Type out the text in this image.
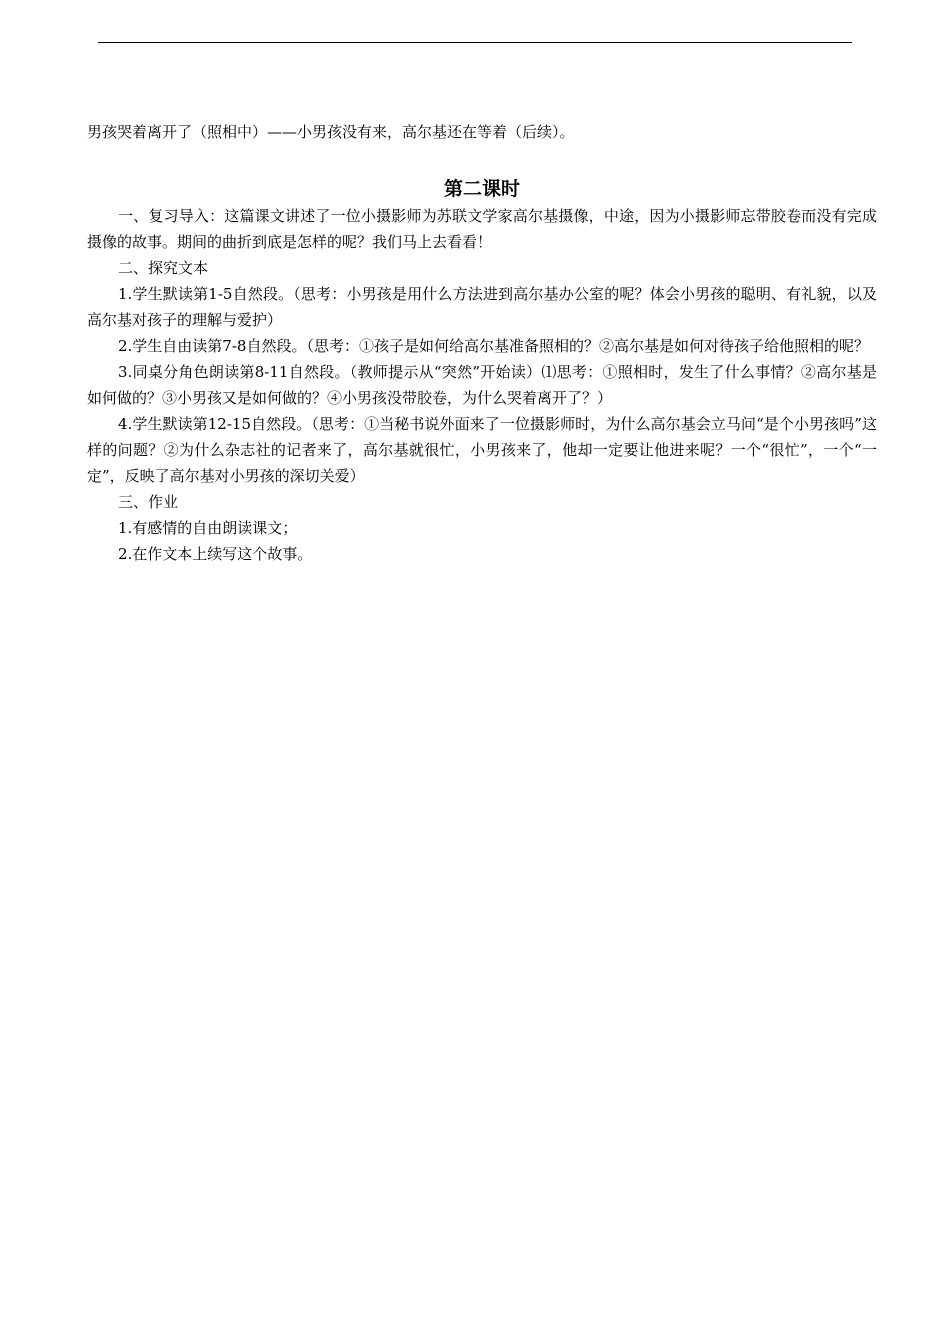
男孩哭着离开了（照相中）——小男孩没有来，高尔基还在等着（后续）。

第二课时

一、复习导入：这篇课文讲述了一位小摄影师为苏联文学家高尔基摄像，中途，因为小摄影师忘带胶卷而没有完成摄像的故事。期间的曲折到底是怎样的呢？我们马上去看看！

二、探究文本

1.学生默读第1-5自然段。（思考：小男孩是用什么方法进到高尔基办公室的呢？体会小男孩的聪明、有礼貌，以及高尔基对孩子的理解与爱护）

2.学生自由读第7-8自然段。（思考：①孩子是如何给高尔基准备照相的？②高尔基是如何对待孩子给他照相的呢？

3.同桌分角色朗读第8-11自然段。（教师提示从“突然”开始读）⑴思考：①照相时，发生了什么事情？②高尔基是如何做的？③小男孩又是如何做的？④小男孩没带胶卷，为什么哭着离开了？）

4.学生默读第12-15自然段。（思考：①当秘书说外面来了一位摄影师时，为什么高尔基会立马问“是个小男孩吗”这样的问题？②为什么杂志社的记者来了，高尔基就很忙，小男孩来了，他却一定要让他进来呢？一个“很忙”，一个“一定”，反映了高尔基对小男孩的深切关爱）

三、作业

1.有感情的自由朗读课文；

2.在作文本上续写这个故事。
